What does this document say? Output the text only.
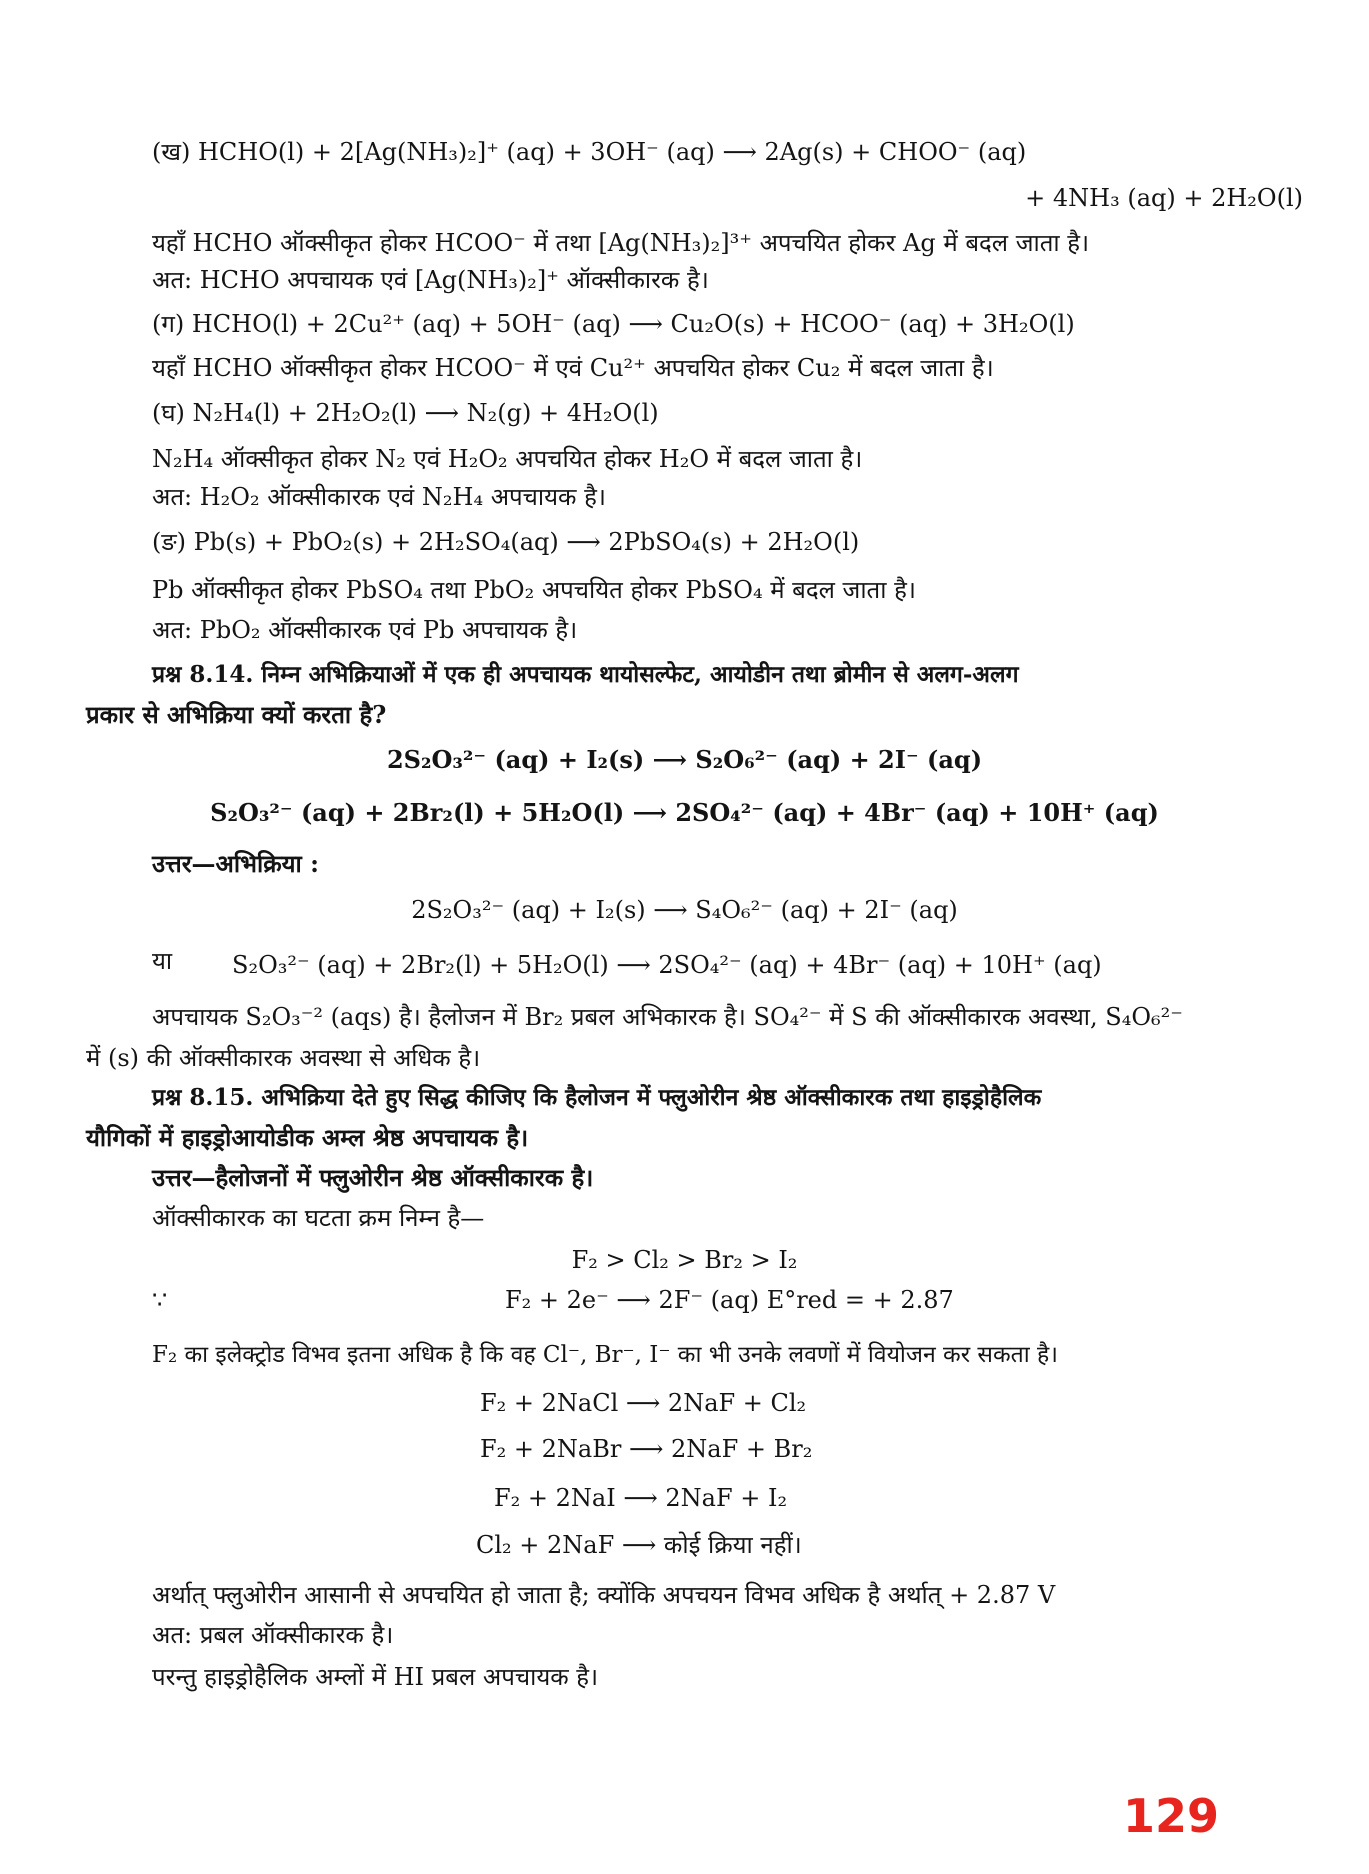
(ख) HCHO(l) + 2[Ag(NH₃)₂]⁺ (aq) + 3OH⁻ (aq) ⟶ 2Ag(s) + CHOO⁻ (aq)

+ 4NH₃ (aq) + 2H₂O(l)

यहाँ HCHO ऑक्सीकृत होकर HCOO⁻ में तथा [Ag(NH₃)₂]³⁺ अपचयित होकर Ag में बदल जाता है।

अत: HCHO अपचायक एवं [Ag(NH₃)₂]⁺ ऑक्सीकारक है।

(ग) HCHO(l) + 2Cu²⁺ (aq) + 5OH⁻ (aq) ⟶ Cu₂O(s) + HCOO⁻ (aq) + 3H₂O(l)

यहाँ HCHO ऑक्सीकृत होकर HCOO⁻ में एवं Cu²⁺ अपचयित होकर Cu₂ में बदल जाता है।

(घ) N₂H₄(l) + 2H₂O₂(l) ⟶ N₂(g) + 4H₂O(l)

N₂H₄ ऑक्सीकृत होकर N₂ एवं H₂O₂ अपचयित होकर H₂O में बदल जाता है।

अत: H₂O₂ ऑक्सीकारक एवं N₂H₄ अपचायक है।

(ङ) Pb(s) + PbO₂(s) + 2H₂SO₄(aq) ⟶ 2PbSO₄(s) + 2H₂O(l)

Pb ऑक्सीकृत होकर PbSO₄ तथा PbO₂ अपचयित होकर PbSO₄ में बदल जाता है।

अत: PbO₂ ऑक्सीकारक एवं Pb अपचायक है।

प्रश्न 8.14. निम्न अभिक्रियाओं में एक ही अपचायक थायोसल्फेट, आयोडीन तथा ब्रोमीन से अलग-अलग

प्रकार से अभिक्रिया क्यों करता है?

2S₂O₃²⁻ (aq) + I₂(s) ⟶ S₂O₆²⁻ (aq) + 2I⁻ (aq)

S₂O₃²⁻ (aq) + 2Br₂(l) + 5H₂O(l) ⟶ 2SO₄²⁻ (aq) + 4Br⁻ (aq) + 10H⁺ (aq)

उत्तर—अभिक्रिया :

2S₂O₃²⁻ (aq) + I₂(s) ⟶ S₄O₆²⁻ (aq) + 2I⁻ (aq)

या S₂O₃²⁻ (aq) + 2Br₂(l) + 5H₂O(l) ⟶ 2SO₄²⁻ (aq) + 4Br⁻ (aq) + 10H⁺ (aq)

अपचायक S₂O₃⁻² (aqs) है। हैलोजन में Br₂ प्रबल अभिकारक है। SO₄²⁻ में S की ऑक्सीकारक अवस्था, S₄O₆²⁻

में (s) की ऑक्सीकारक अवस्था से अधिक है।

प्रश्न 8.15. अभिक्रिया देते हुए सिद्ध कीजिए कि हैलोजन में फ्लुओरीन श्रेष्ठ ऑक्सीकारक तथा हाइड्रोहैलिक

यौगिकों में हाइड्रोआयोडीक अम्ल श्रेष्ठ अपचायक है।

उत्तर—हैलोजनों में फ्लुओरीन श्रेष्ठ ऑक्सीकारक है।

ऑक्सीकारक का घटता क्रम निम्न है—

F₂ > Cl₂ > Br₂ > I₂

∵	F₂ + 2e⁻ ⟶ 2F⁻ (aq) E°red = + 2.87

F₂ का इलेक्ट्रोड विभव इतना अधिक है कि वह Cl⁻, Br⁻, I⁻ का भी उनके लवणों में वियोजन कर सकता है।

F₂ + 2NaCl ⟶ 2NaF + Cl₂

F₂ + 2NaBr ⟶ 2NaF + Br₂

F₂ + 2NaI ⟶ 2NaF + I₂

Cl₂ + 2NaF ⟶ कोई क्रिया नहीं।

अर्थात् फ्लुओरीन आसानी से अपचयित हो जाता है; क्योंकि अपचयन विभव अधिक है अर्थात् + 2.87 V

अत: प्रबल ऑक्सीकारक है।

परन्तु हाइड्रोहैलिक अम्लों में HI प्रबल अपचायक है।

129
